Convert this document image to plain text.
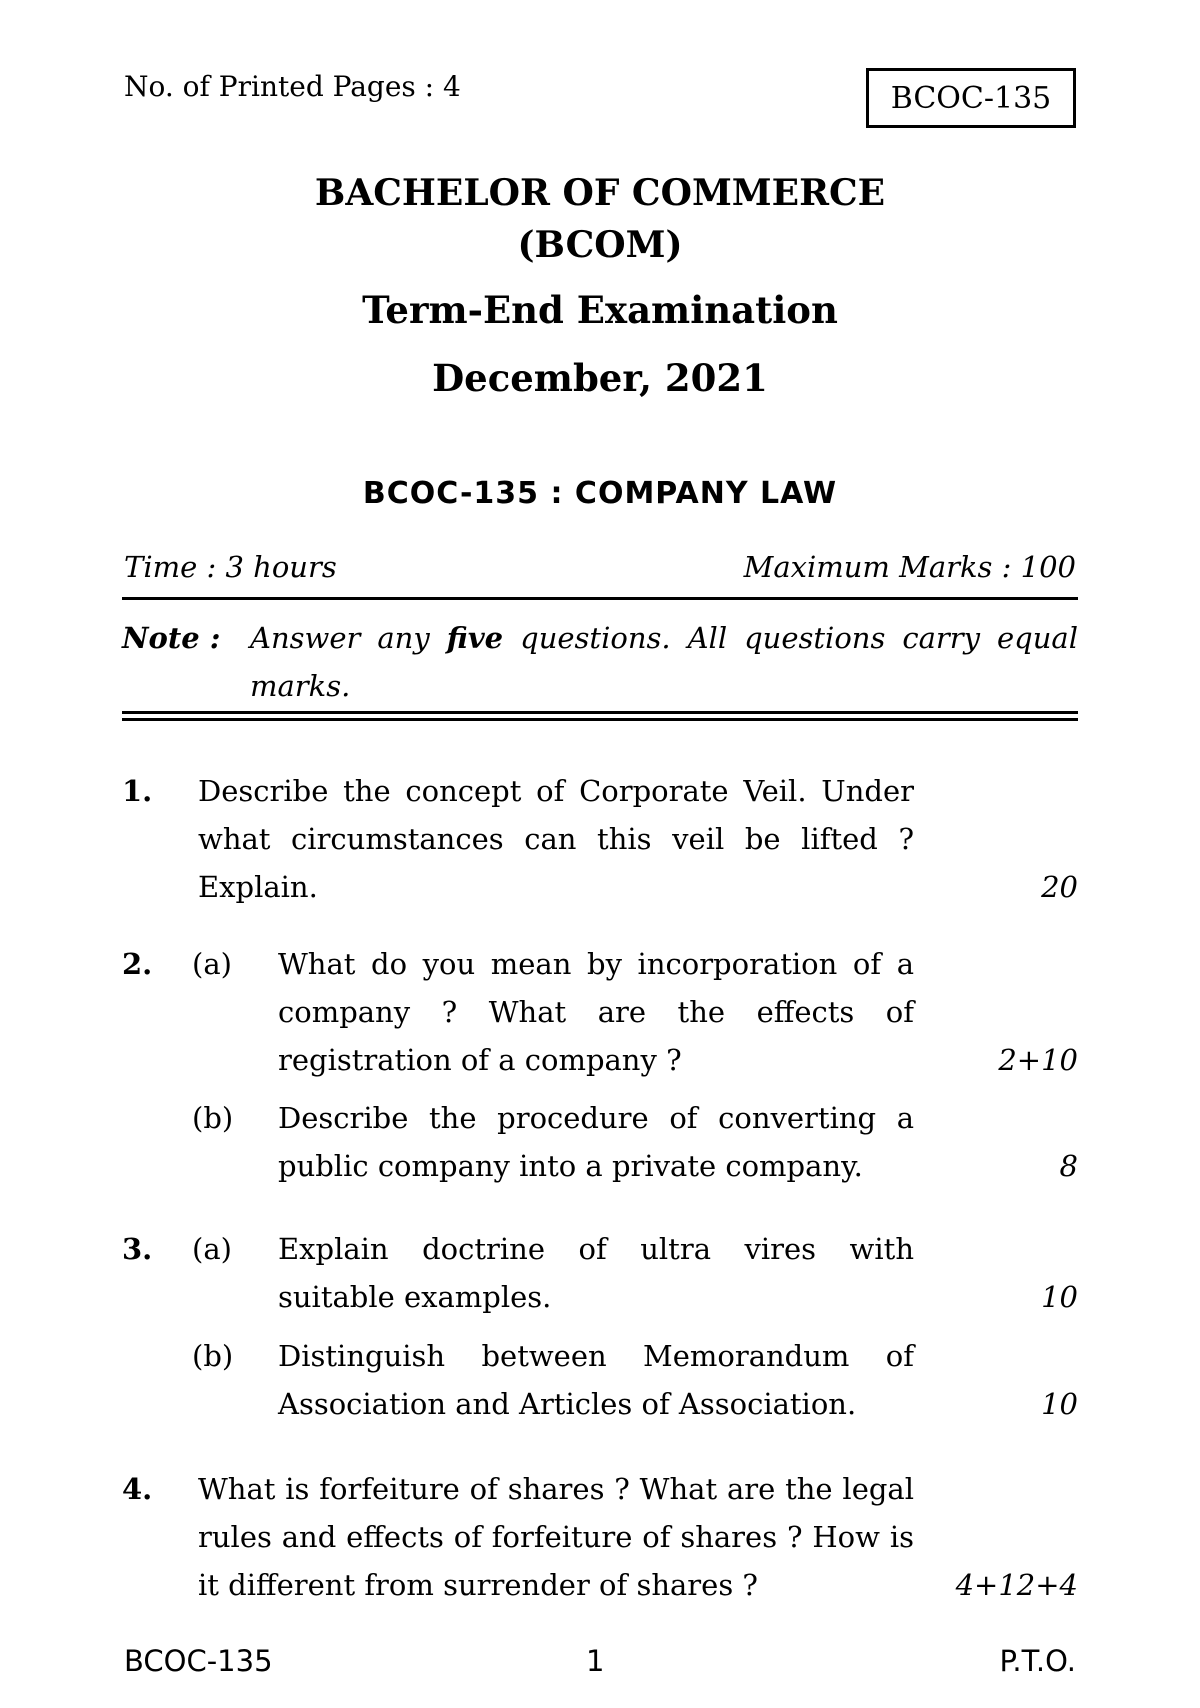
No. of Printed Pages : 4	BCOC-135
BACHELOR OF COMMERCE
(BCOM)
Term-End Examination
December, 2021
BCOC-135 : COMPANY LAW
Time : 3 hours	Maximum Marks : 100
Note : Answer any five questions. All questions carry equal marks.
1. Describe the concept of Corporate Veil. Under what circumstances can this veil be lifted ? Explain.	20
2. (a) What do you mean by incorporation of a company ? What are the effects of registration of a company ?	2+10
(b) Describe the procedure of converting a public company into a private company.	8
3. (a) Explain doctrine of ultra vires with suitable examples.	10
(b) Distinguish between Memorandum of Association and Articles of Association.	10
4. What is forfeiture of shares ? What are the legal rules and effects of forfeiture of shares ? How is it different from surrender of shares ?	4+12+4
BCOC-135	1	P.T.O.
